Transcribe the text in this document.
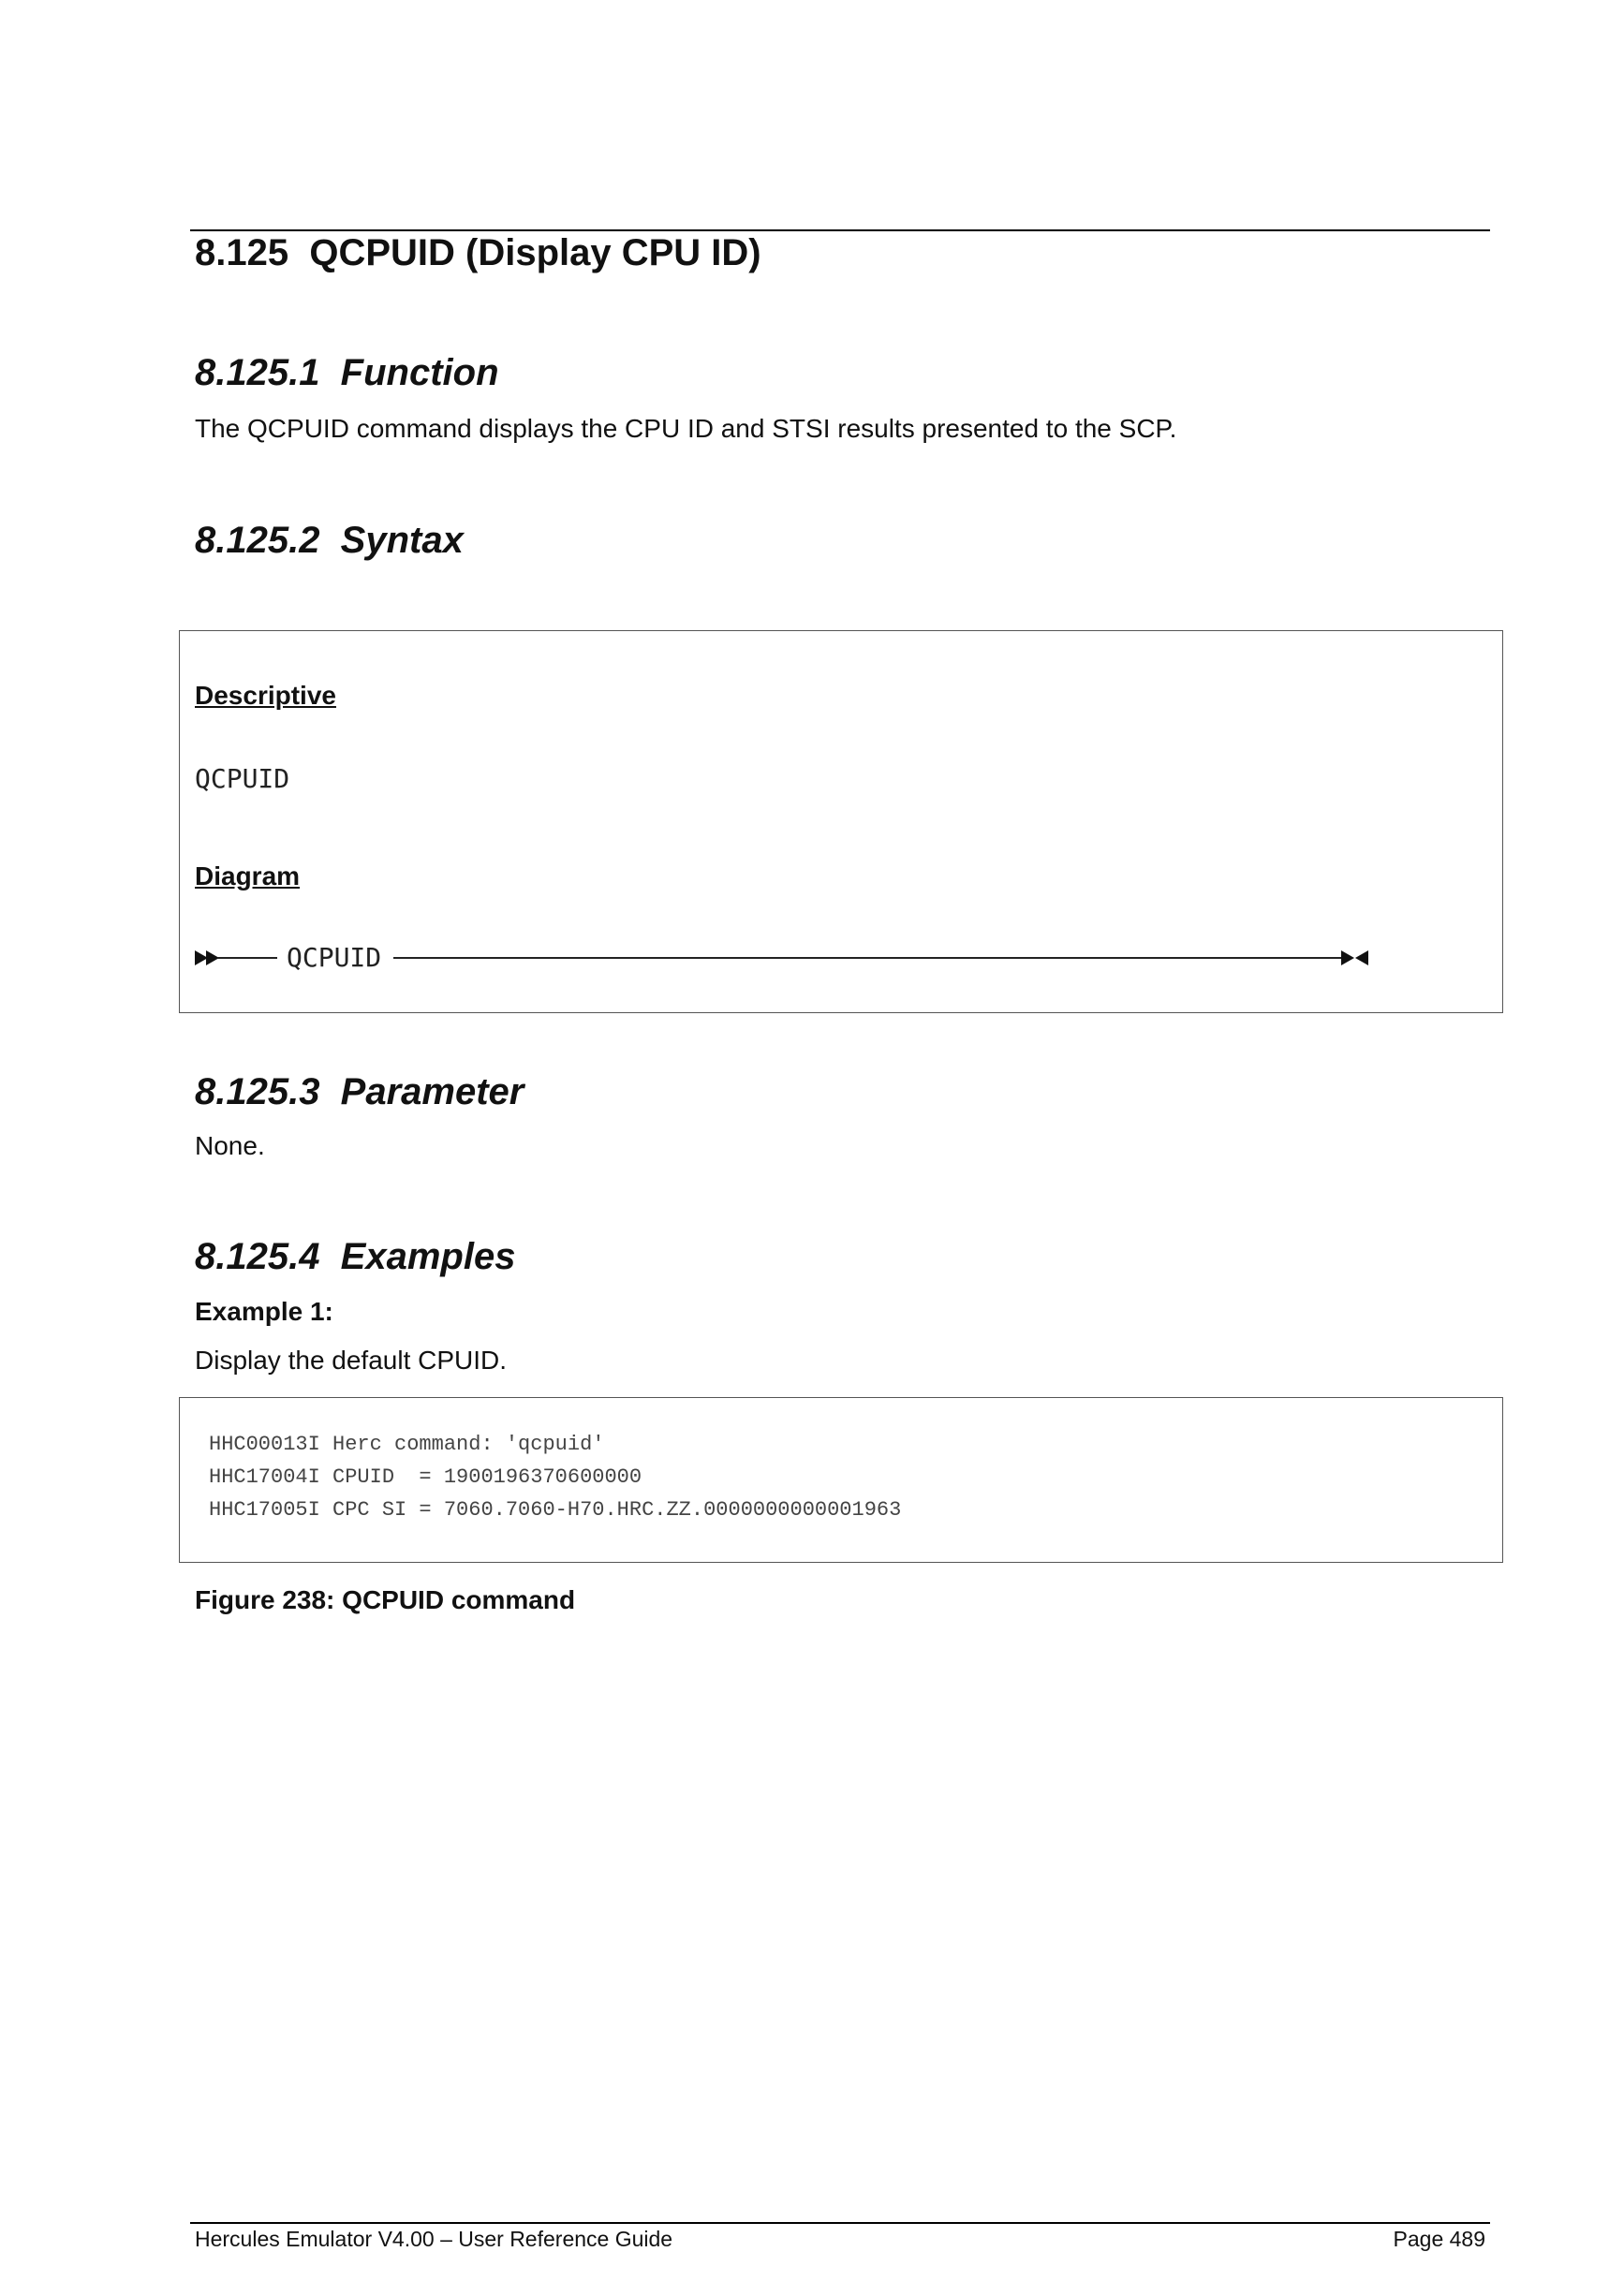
8.125  QCPUID (Display CPU ID)
8.125.1  Function
The QCPUID command displays the CPU ID and STSI results presented to the SCP.
8.125.2  Syntax
Descriptive
QCPUID
Diagram
QCPUID
8.125.3  Parameter
None.
8.125.4  Examples
Example 1:
Display the default CPUID.
HHC00013I Herc command: 'qcpuid'
HHC17004I CPUID  = 1900196370600000
HHC17005I CPC SI = 7060.7060-H70.HRC.ZZ.0000000000001963
Figure 238: QCPUID command
Hercules Emulator V4.00 – User Reference Guide	Page 489
